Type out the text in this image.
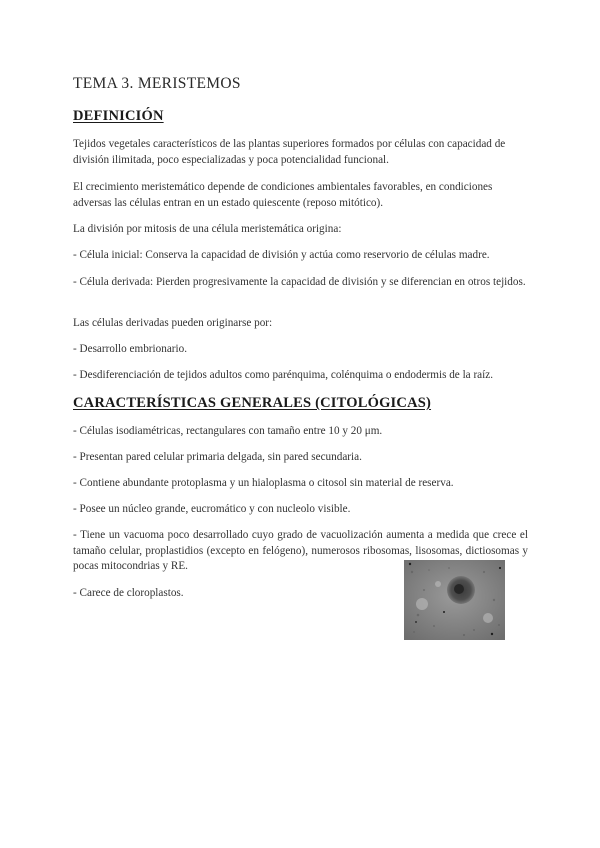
TEMA 3. MERISTEMOS
DEFINICIÓN
Tejidos vegetales característicos de las plantas superiores formados por células con capacidad de división ilimitada, poco especializadas y poca potencialidad funcional.
El crecimiento meristemático depende de condiciones ambientales favorables, en condiciones adversas las células entran en un estado quiescente (reposo mitótico).
La división por mitosis de una célula meristemática origina:
- Célula inicial: Conserva la capacidad de división y actúa como reservorio de células madre.
- Célula derivada: Pierden progresivamente la capacidad de división y se diferencian en otros tejidos.
Las células derivadas pueden originarse por:
- Desarrollo embrionario.
- Desdiferenciación de tejidos adultos como parénquima, colénquima o endodermis de la raíz.
CARACTERÍSTICAS GENERALES (CITOLÓGICAS)
- Células isodiamétricas, rectangulares con tamaño entre 10 y 20 μm.
- Presentan pared celular primaria delgada, sin pared secundaria.
- Contiene abundante protoplasma y un hialoplasma o citosol sin material de reserva.
- Posee un núcleo grande, eucromático y con nucleolo visible.
- Tiene un vacuoma poco desarrollado cuyo grado de vacuolización aumenta a medida que crece el tamaño celular, proplastidios (excepto en felógeno), numerosos ribosomas, lisosomas, dictiosomas y pocas mitocondrias y RE.
- Carece de cloroplastos.
